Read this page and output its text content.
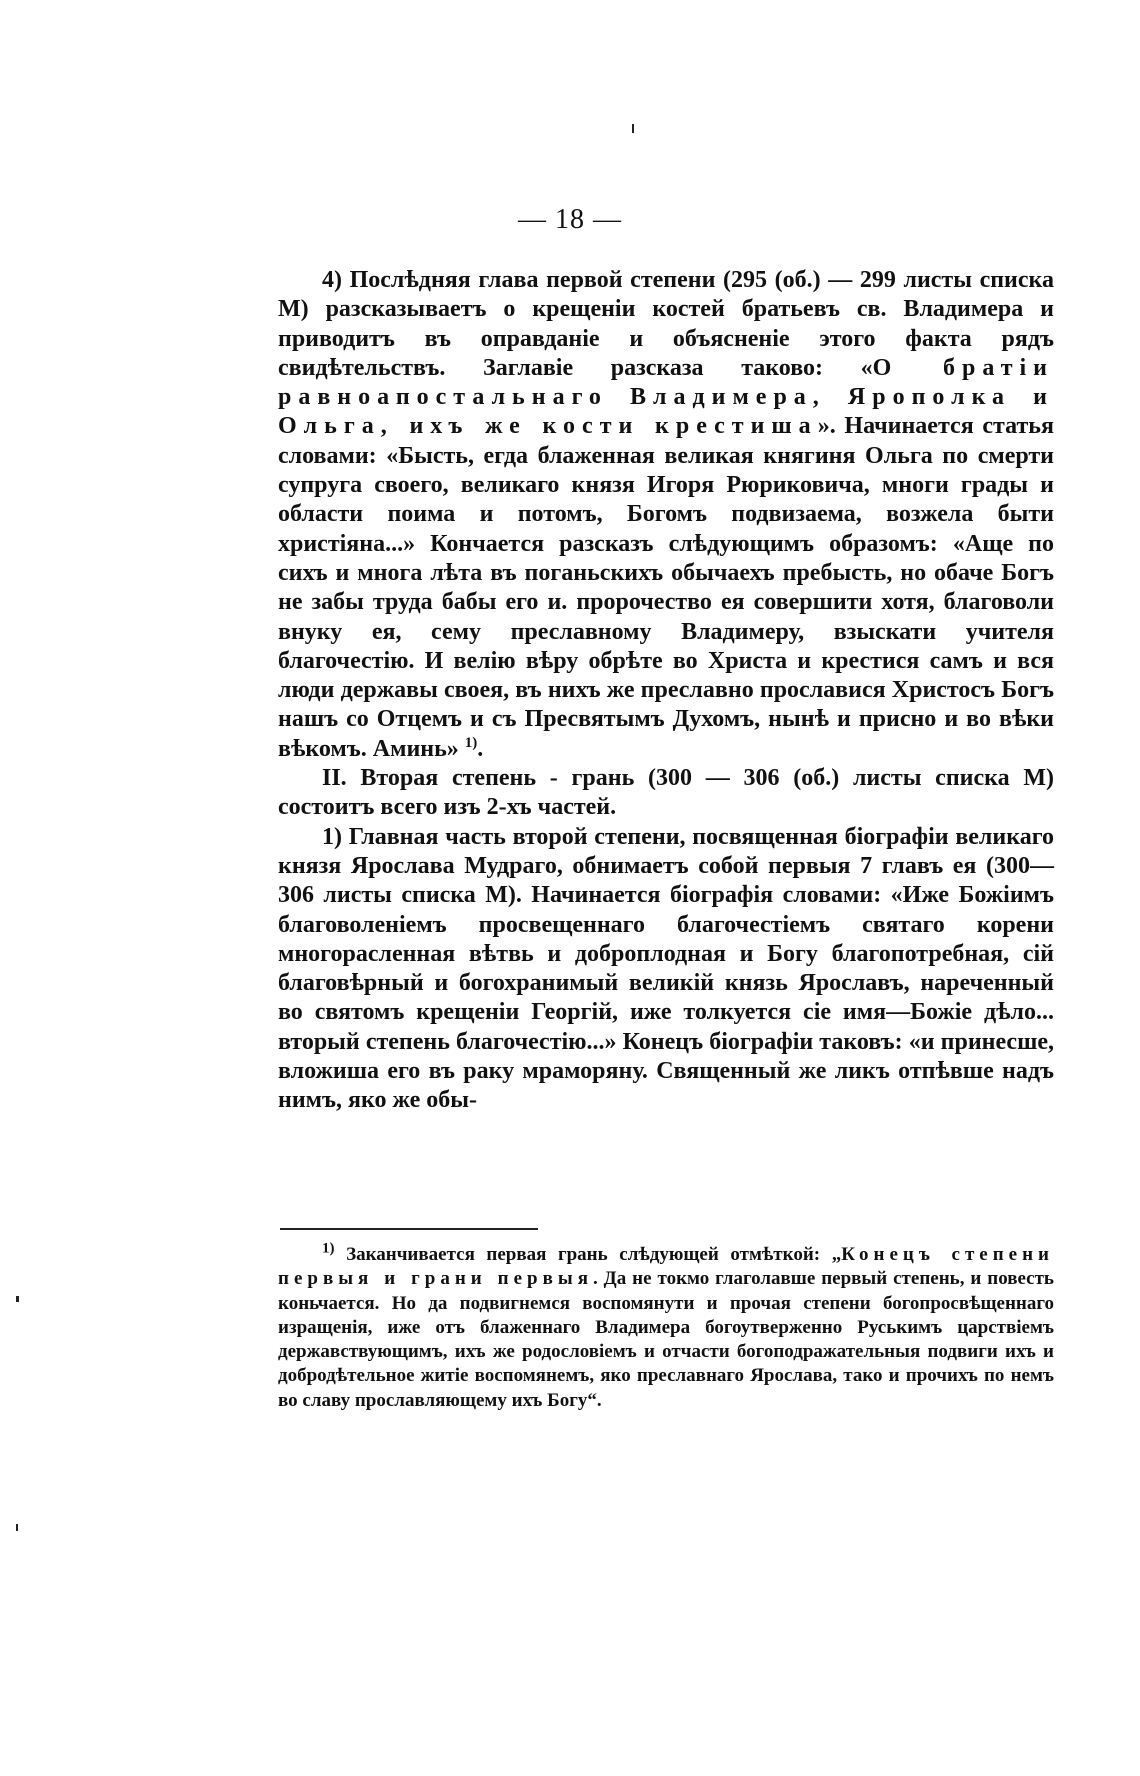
— 18 —

4) Послѣдняя глава первой степени (295 (об.) — 299 листы списка М) разсказываетъ о крещеніи костей братьевъ св. Владимера и приводитъ въ оправданіе и объясненіе этого факта рядъ свидѣтельствъ. Заглавіе разсказа таково: «О братіи равноапостальнаго Владимера, Ярополка и Ольга, ихъ же кости крестиша». Начинается статья словами: «Бысть, егда блаженная великая княгиня Ольга по смерти супруга своего, великаго князя Игоря Рюриковича, многи грады и области поима и потомъ, Богомъ подвизаема, возжела быти христіяна...» Кончается разсказъ слѣдующимъ образомъ: «Аще по сихъ и многа лѣта въ поганьскихъ обычаехъ пребысть, но обаче Богъ не забы труда бабы его и. пророчество ея совершити хотя, благоволи внуку ея, сему преславному Владимеру, взыскати учителя благочестію. И велію вѣру обрѣте во Христа и крестися самъ и вся люди державы своея, въ нихъ же преславно прославися Христосъ Богъ нашъ со Отцемъ и съ Пресвятымъ Духомъ, нынѣ и присно и во вѣки вѣкомъ. Аминь» $^{1)}$.

II. Вторая степень - грань (300 — 306 (об.) листы списка М) состоитъ всего изъ 2-хъ частей.

1) Главная часть второй степени, посвященная біографіи великаго князя Ярослава Мудраго, обнимаетъ собой первыя 7 главъ ея (300—306 листы списка М). Начинается біографія словами: «Иже Божіимъ благоволеніемъ просвещеннаго благочестіемъ святаго корени многорасленная вѣтвь и доброплодная и Богу благопотребная, сій благовѣрный и богохранимый великій князь Ярославъ, нареченный во святомъ крещеніи Георгій, иже толкуется сіе имя—Божіе дѣло... вторый степень благочестію...» Конецъ біографіи таковъ: «и принесше, вложиша его въ раку мраморяну. Священный же ликъ отпѣвше надъ нимъ, яко же обы-

$^{1)}$ Заканчивается первая грань слѣдующей отмѣткой: „Конецъ степени первыя и грани первыя. Да не токмо глаголавше первый степень, и повесть коньчается. Но да подвигнемся воспомянути и прочая степени богопросвѣщеннаго изращенія, иже отъ блаженнаго Владимера богоутверженно Руськимъ царствіемъ державствующимъ, ихъ же родословіемъ и отчасти богоподражательныя подвиги ихъ и добродѣтельное житіе воспомянемъ, яко преславнаго Ярослава, тако и прочихъ по немъ во славу прославляющему ихъ Богу“.
